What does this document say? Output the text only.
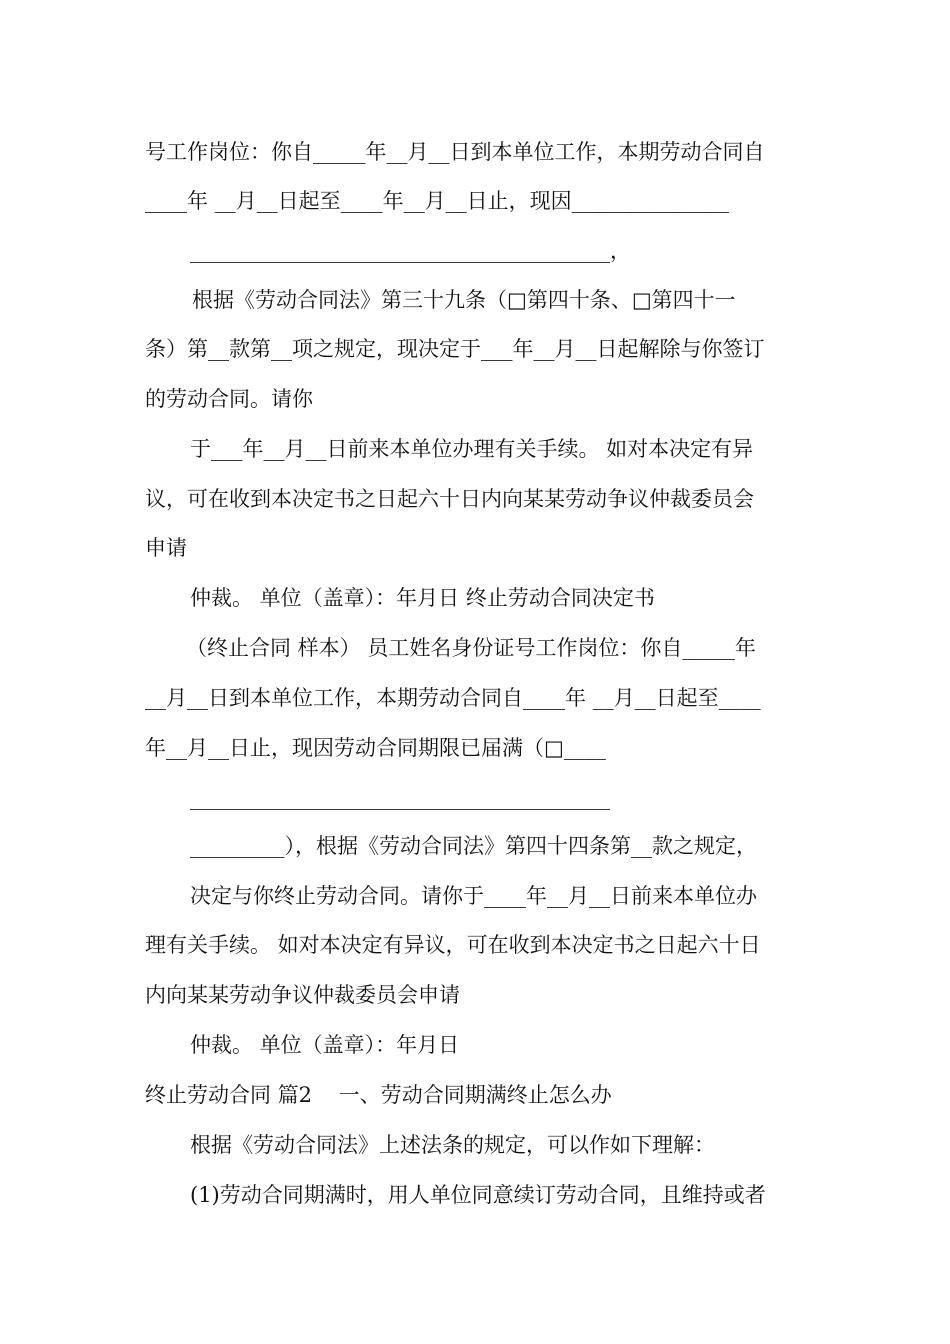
号工作岗位：你自_____年__月__日到本单位工作，本期劳动合同自

____年 __月__日起至____年__月__日止，现因_______________

________________________________________，

根据《劳动合同法》第三十九条（□第四十条、□第四十一

条）第__款第__项之规定，现决定于___年__月__日起解除与你签订

的劳动合同。请你

于___年__月__日前来本单位办理有关手续。 如对本决定有异

议，可在收到本决定书之日起六十日内向某某劳动争议仲裁委员会

申请

仲裁。 单位（盖章）：年月日 终止劳动合同决定书

（终止合同 样本） 员工姓名身份证号工作岗位：你自_____年

__月__日到本单位工作，本期劳动合同自____年 __月__日起至____

年__月__日止，现因劳动合同期限已届满（□____

________________________________________

_________），根据《劳动合同法》第四十四条第__款之规定，

决定与你终止劳动合同。请你于____年__月__日前来本单位办

理有关手续。 如对本决定有异议，可在收到本决定书之日起六十日

内向某某劳动争议仲裁委员会申请

仲裁。 单位（盖章）：年月日

终止劳动合同 篇2    一、劳动合同期满终止怎么办

根据《劳动合同法》上述法条的规定，可以作如下理解：

(1)劳动合同期满时，用人单位同意续订劳动合同，且维持或者
